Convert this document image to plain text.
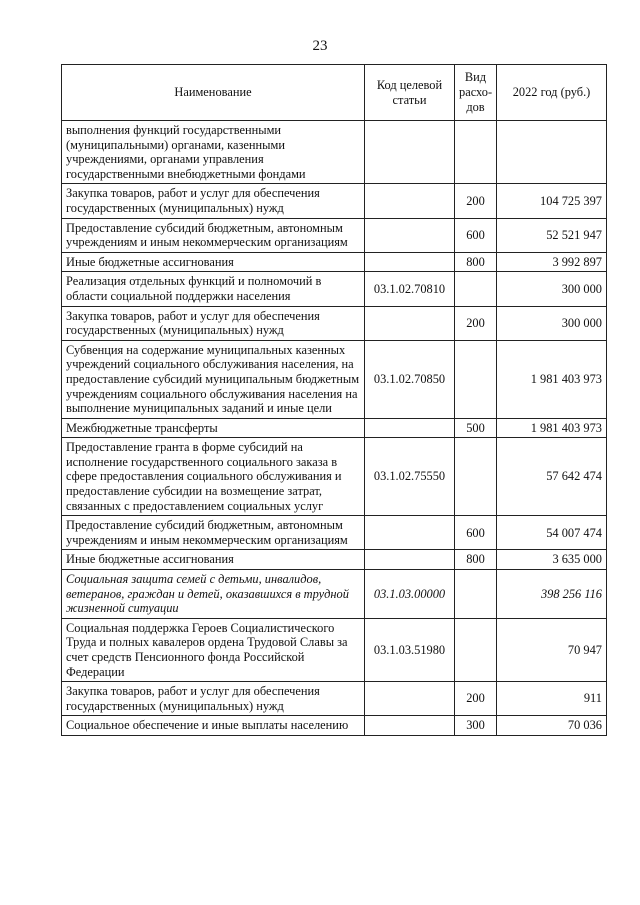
23
Наименование	Код целевой статьи	Вид расхо-дов	2022 год (руб.)
выполнения функций государственными (муниципальными) органами, казенными учреждениями, органами управления государственными внебюджетными фондами			
Закупка товаров, работ и услуг для обеспечения государственных (муниципальных) нужд		200	104 725 397
Предоставление субсидий бюджетным, автономным учреждениям и иным некоммерческим организациям		600	52 521 947
Иные бюджетные ассигнования		800	3 992 897
Реализация отдельных функций и полномочий в области социальной поддержки населения	03.1.02.70810		300 000
Закупка товаров, работ и услуг для обеспечения государственных (муниципальных) нужд		200	300 000
Субвенция на содержание муниципальных казенных учреждений социального обслуживания населения, на предоставление субсидий муниципальным бюджетным учреждениям социального обслуживания населения на выполнение муниципальных заданий и иные цели	03.1.02.70850		1 981 403 973
Межбюджетные трансферты		500	1 981 403 973
Предоставление гранта в форме субсидий на исполнение государственного социального заказа в сфере предоставления социального обслуживания и предоставление субсидии на возмещение затрат, связанных с предоставлением социальных услуг	03.1.02.75550		57 642 474
Предоставление субсидий бюджетным, автономным учреждениям и иным некоммерческим организациям		600	54 007 474
Иные бюджетные ассигнования		800	3 635 000
Социальная защита семей с детьми, инвалидов, ветеранов, граждан и детей, оказавшихся в трудной жизненной ситуации	03.1.03.00000		398 256 116
Социальная поддержка Героев Социалистического Труда и полных кавалеров ордена Трудовой Славы за счет средств Пенсионного фонда Российской Федерации	03.1.03.51980		70 947
Закупка товаров, работ и услуг для обеспечения государственных (муниципальных) нужд		200	911
Социальное обеспечение и иные выплаты населению		300	70 036
